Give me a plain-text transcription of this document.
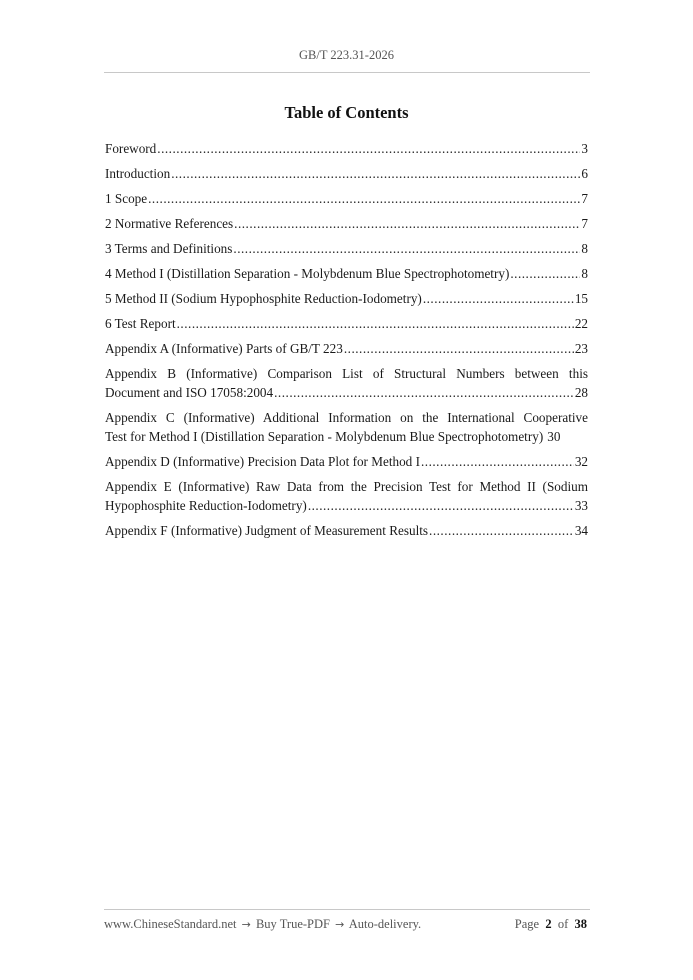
GB/T 223.31-2026
Table of Contents
Foreword .....	3
Introduction .....	6
1 Scope .....	7
2 Normative References .....	7
3 Terms and Definitions .....	8
4 Method I (Distillation Separation - Molybdenum Blue Spectrophotometry) .....	8
5 Method II (Sodium Hypophosphite Reduction-Iodometry) .....	15
6 Test Report .....	22
Appendix A (Informative) Parts of GB/T 223 .....	23
Appendix B (Informative) Comparison List of Structural Numbers between this
Document and ISO 17058:2004 .....	28
Appendix C (Informative) Additional Information on the International Cooperative
Test for Method I (Distillation Separation - Molybdenum Blue Spectrophotometry) 30
Appendix D (Informative) Precision Data Plot for Method I .....	32
Appendix E (Informative) Raw Data from the Precision Test for Method II (Sodium
Hypophosphite Reduction-Iodometry) .....	33
Appendix F (Informative) Judgment of Measurement Results .....	34
www.ChineseStandard.net → Buy True-PDF → Auto-delivery.	Page 2 of 38
